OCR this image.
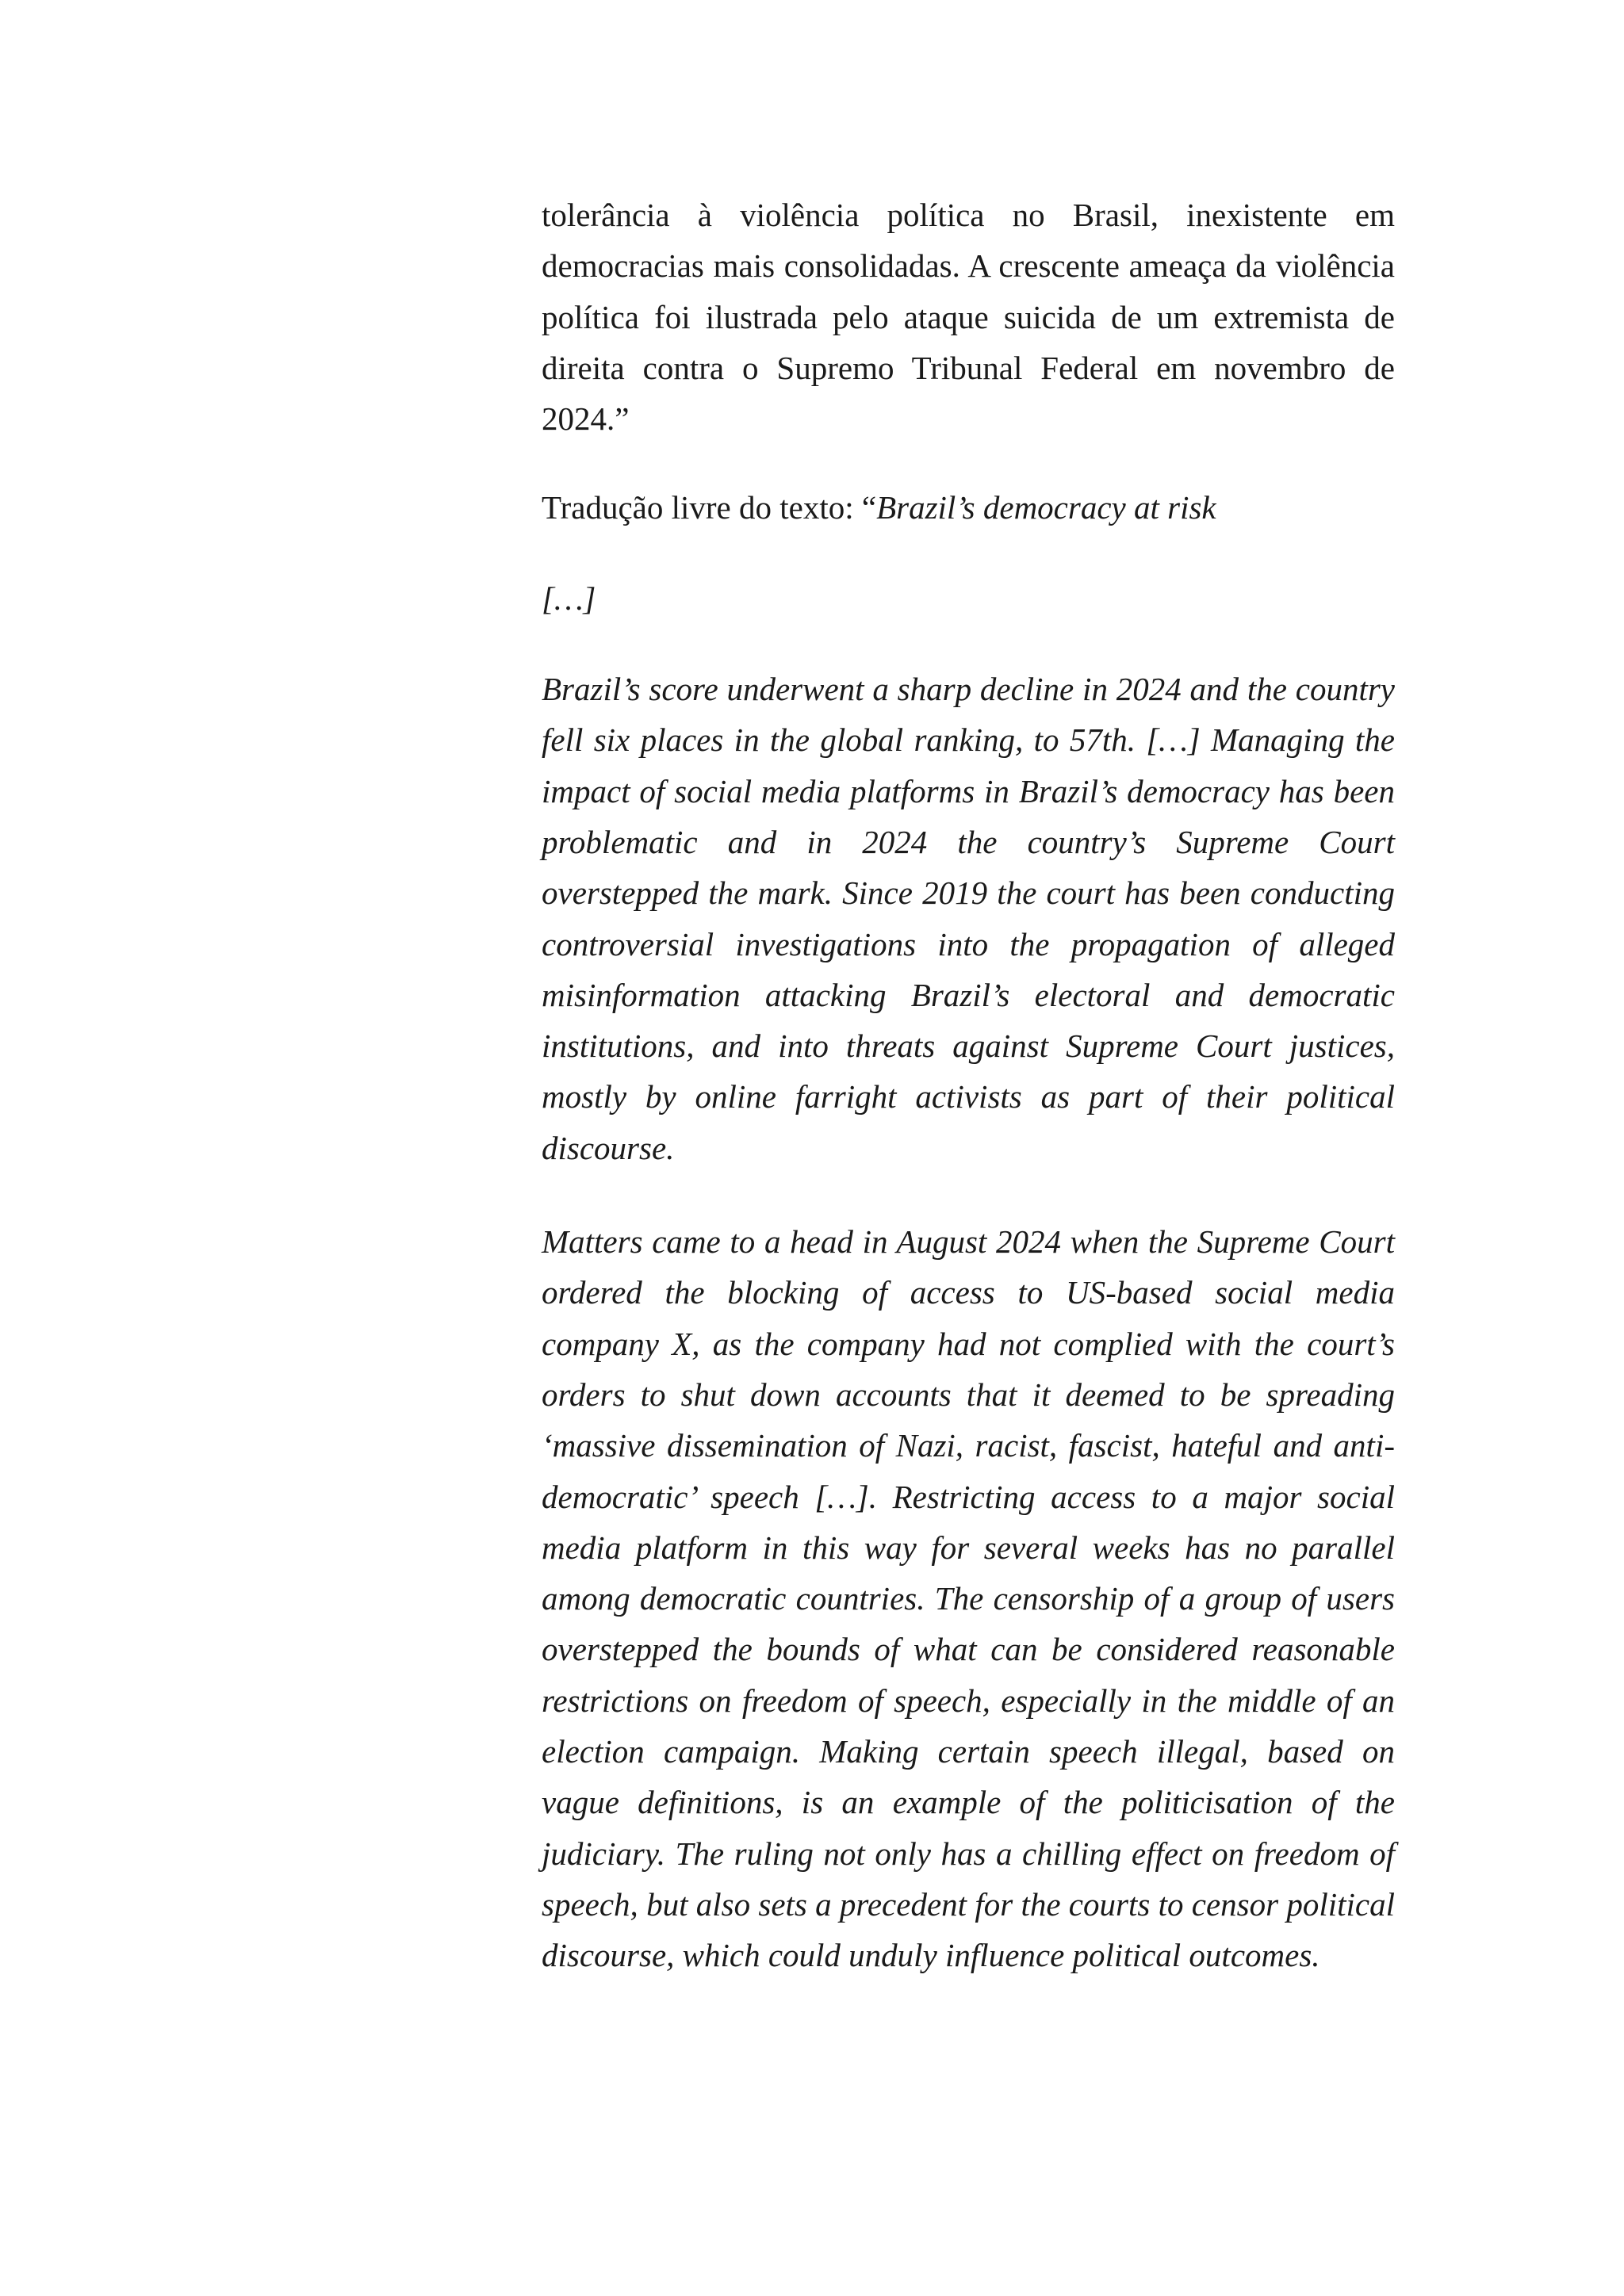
tolerância à violência política no Brasil, inexistente em democracias mais consolidadas. A crescente ameaça da violência política foi ilustrada pelo ataque suicida de um extremista de direita contra o Supremo Tribunal Federal em novembro de 2024.”

Tradução livre do texto: “Brazil’s democracy at risk

[…]

Brazil’s score underwent a sharp decline in 2024 and the country fell six places in the global ranking, to 57th. […] Managing the impact of social media platforms in Brazil’s democracy has been problematic and in 2024 the country’s Supreme Court overstepped the mark. Since 2019 the court has been conducting controversial investigations into the propagation of alleged misinformation attacking Brazil’s electoral and democratic institutions, and into threats against Supreme Court justices, mostly by online farright activists as part of their political discourse.

Matters came to a head in August 2024 when the Supreme Court ordered the blocking of access to US-based social media company X, as the company had not complied with the court’s orders to shut down accounts that it deemed to be spreading ‘massive dissemination of Nazi, racist, fascist, hateful and anti-democratic’ speech […]. Restricting access to a major social media platform in this way for several weeks has no parallel among democratic countries. The censorship of a group of users overstepped the bounds of what can be considered reasonable restrictions on freedom of speech, especially in the middle of an election campaign. Making certain speech illegal, based on vague definitions, is an example of the politicisation of the judiciary. The ruling not only has a chilling effect on freedom of speech, but also sets a precedent for the courts to censor political discourse, which could unduly influence political outcomes.
